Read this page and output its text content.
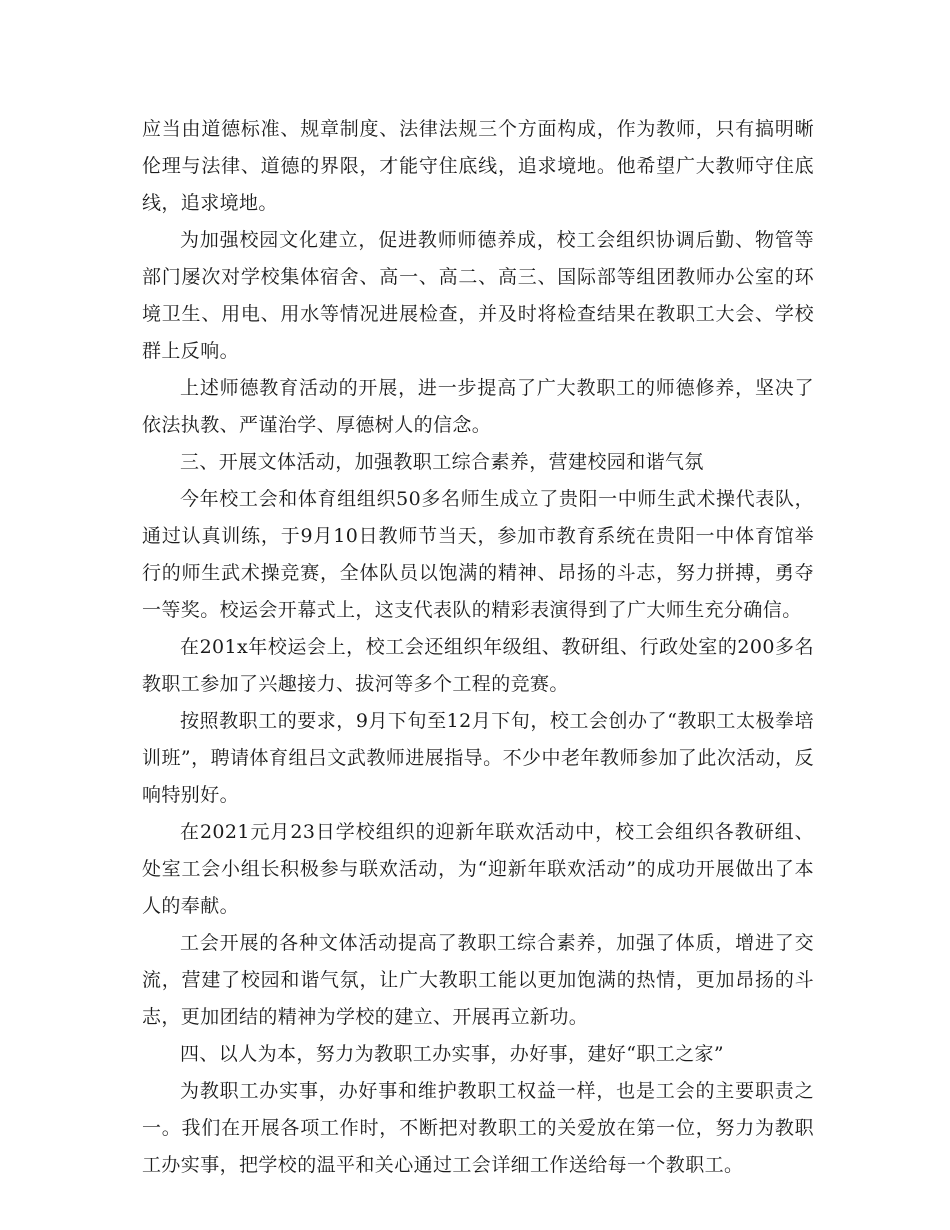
应当由道德标准、规章制度、法律法规三个方面构成，作为教师，只有搞明晰伦理与法律、道德的界限，才能守住底线，追求境地。他希望广大教师守住底线，追求境地。

为加强校园文化建立，促进教师师德养成，校工会组织协调后勤、物管等部门屡次对学校集体宿舍、高一、高二、高三、国际部等组团教师办公室的环境卫生、用电、用水等情况进展检查，并及时将检查结果在教职工大会、学校群上反响。

上述师德教育活动的开展，进一步提高了广大教职工的师德修养，坚决了依法执教、严谨治学、厚德树人的信念。

三、开展文体活动，加强教职工综合素养，营建校园和谐气氛

今年校工会和体育组组织50多名师生成立了贵阳一中师生武术操代表队，通过认真训练，于9月10日教师节当天，参加市教育系统在贵阳一中体育馆举行的师生武术操竞赛，全体队员以饱满的精神、昂扬的斗志，努力拼搏，勇夺一等奖。校运会开幕式上，这支代表队的精彩表演得到了广大师生充分确信。

在201x年校运会上，校工会还组织年级组、教研组、行政处室的200多名教职工参加了兴趣接力、拔河等多个工程的竞赛。

按照教职工的要求，9月下旬至12月下旬，校工会创办了“教职工太极拳培训班”，聘请体育组吕文武教师进展指导。不少中老年教师参加了此次活动，反响特别好。

在2021元月23日学校组织的迎新年联欢活动中，校工会组织各教研组、处室工会小组长积极参与联欢活动，为“迎新年联欢活动”的成功开展做出了本人的奉献。

工会开展的各种文体活动提高了教职工综合素养，加强了体质，增进了交流，营建了校园和谐气氛，让广大教职工能以更加饱满的热情，更加昂扬的斗志，更加团结的精神为学校的建立、开展再立新功。

四、以人为本，努力为教职工办实事，办好事，建好“职工之家”

为教职工办实事，办好事和维护教职工权益一样，也是工会的主要职责之一。我们在开展各项工作时，不断把对教职工的关爱放在第一位，努力为教职工办实事，把学校的温平和关心通过工会详细工作送给每一个教职工。
